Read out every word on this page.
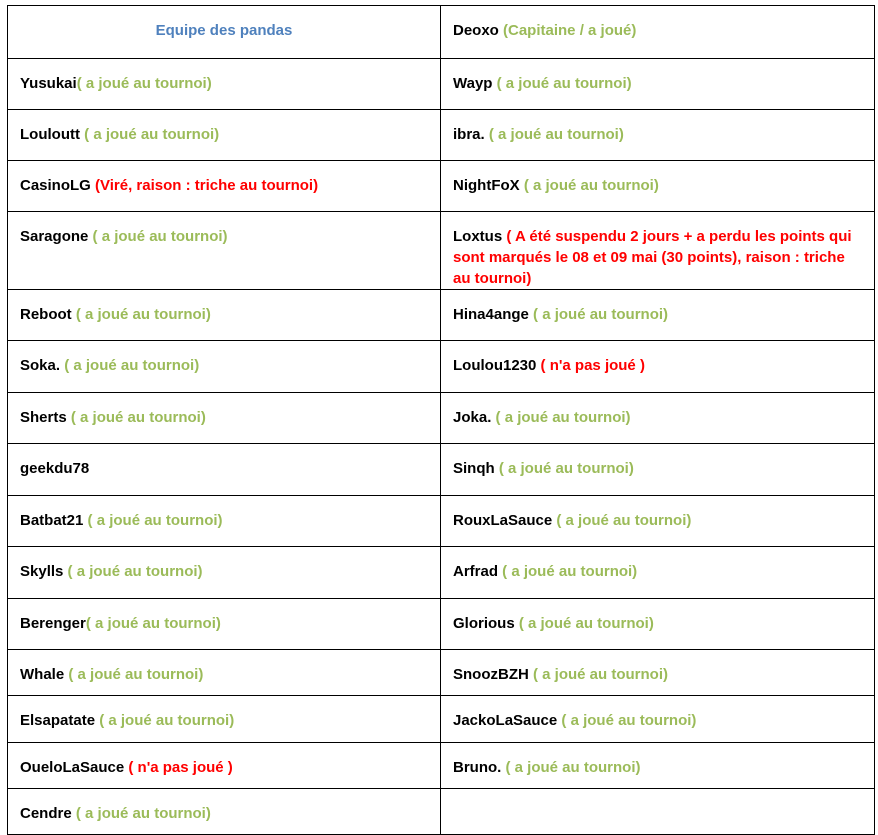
Equipe des pandas	Deoxo (Capitaine / a joué)
Yusukai( a joué au tournoi)	Wayp ( a joué au tournoi)
Louloutt ( a joué au tournoi)	ibra. ( a joué au tournoi)
CasinoLG (Viré, raison : triche au tournoi)	NightFoX ( a joué au tournoi)
Saragone ( a joué au tournoi)	Loxtus ( A été suspendu 2 jours + a perdu les points qui sont marqués le 08 et 09 mai (30 points), raison : triche au tournoi)
Reboot ( a joué au tournoi)	Hina4ange ( a joué au tournoi)
Soka. ( a joué au tournoi)	Loulou1230 ( n'a pas joué )
Sherts ( a joué au tournoi)	Joka. ( a joué au tournoi)
geekdu78	Sinqh ( a joué au tournoi)
Batbat21 ( a joué au tournoi)	RouxLaSauce ( a joué au tournoi)
Skylls ( a joué au tournoi)	Arfrad ( a joué au tournoi)
Berenger( a joué au tournoi)	Glorious ( a joué au tournoi)
Whale ( a joué au tournoi)	SnoozBZH ( a joué au tournoi)
Elsapatate ( a joué au tournoi)	JackoLaSauce ( a joué au tournoi)
OueloLaSauce ( n'a pas joué )	Bruno. ( a joué au tournoi)
Cendre ( a joué au tournoi)	
